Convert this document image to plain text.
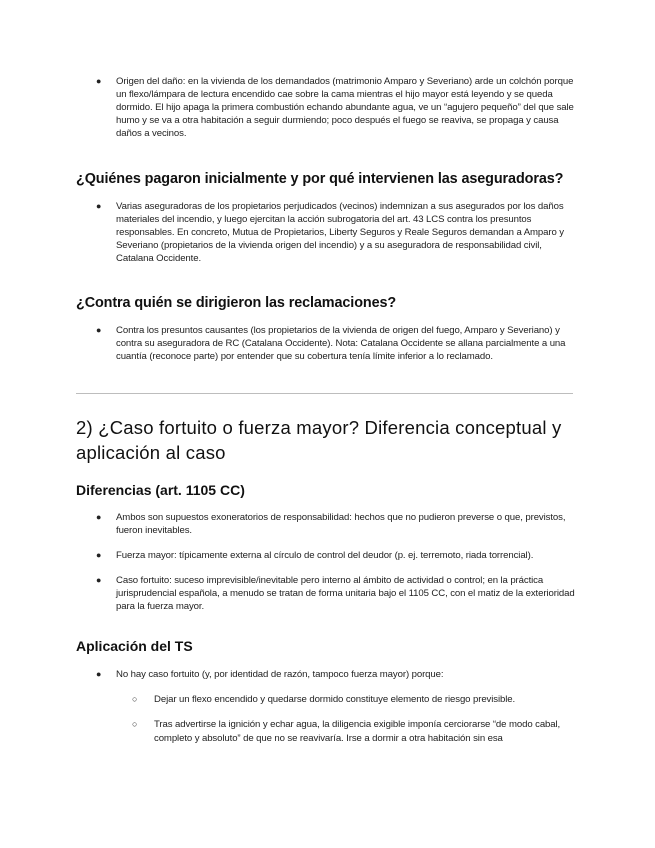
● Origen del daño: en la vivienda de los demandados (matrimonio Amparo y Severiano) arde un colchón porque un flexo/lámpara de lectura encendido cae sobre la cama mientras el hijo mayor está leyendo y se queda dormido. El hijo apaga la primera combustión echando abundante agua, ve un “agujero pequeño” del que sale humo y se va a otra habitación a seguir durmiendo; poco después el fuego se reaviva, se propaga y causa daños a vecinos.
¿Quiénes pagaron inicialmente y por qué intervienen las aseguradoras?
● Varias aseguradoras de los propietarios perjudicados (vecinos) indemnizan a sus asegurados por los daños materiales del incendio, y luego ejercitan la acción subrogatoria del art. 43 LCS contra los presuntos responsables. En concreto, Mutua de Propietarios, Liberty Seguros y Reale Seguros demandan a Amparo y Severiano (propietarios de la vivienda origen del incendio) y a su aseguradora de responsabilidad civil, Catalana Occidente.
¿Contra quién se dirigieron las reclamaciones?
● Contra los presuntos causantes (los propietarios de la vivienda de origen del fuego, Amparo y Severiano) y contra su aseguradora de RC (Catalana Occidente). Nota: Catalana Occidente se allana parcialmente a una cuantía (reconoce parte) por entender que su cobertura tenía límite inferior a lo reclamado.
2) ¿Caso fortuito o fuerza mayor? Diferencia conceptual y aplicación al caso
Diferencias (art. 1105 CC)
● Ambos son supuestos exoneratorios de responsabilidad: hechos que no pudieron preverse o que, previstos, fueron inevitables.
● Fuerza mayor: típicamente externa al círculo de control del deudor (p. ej. terremoto, riada torrencial).
● Caso fortuito: suceso imprevisible/inevitable pero interno al ámbito de actividad o control; en la práctica jurisprudencial española, a menudo se tratan de forma unitaria bajo el 1105 CC, con el matiz de la exterioridad para la fuerza mayor.
Aplicación del TS
● No hay caso fortuito (y, por identidad de razón, tampoco fuerza mayor) porque:
○ Dejar un flexo encendido y quedarse dormido constituye elemento de riesgo previsible.
○ Tras advertirse la ignición y echar agua, la diligencia exigible imponía cerciorarse “de modo cabal, completo y absoluto” de que no se reavivaría. Irse a dormir a otra habitación sin esa
